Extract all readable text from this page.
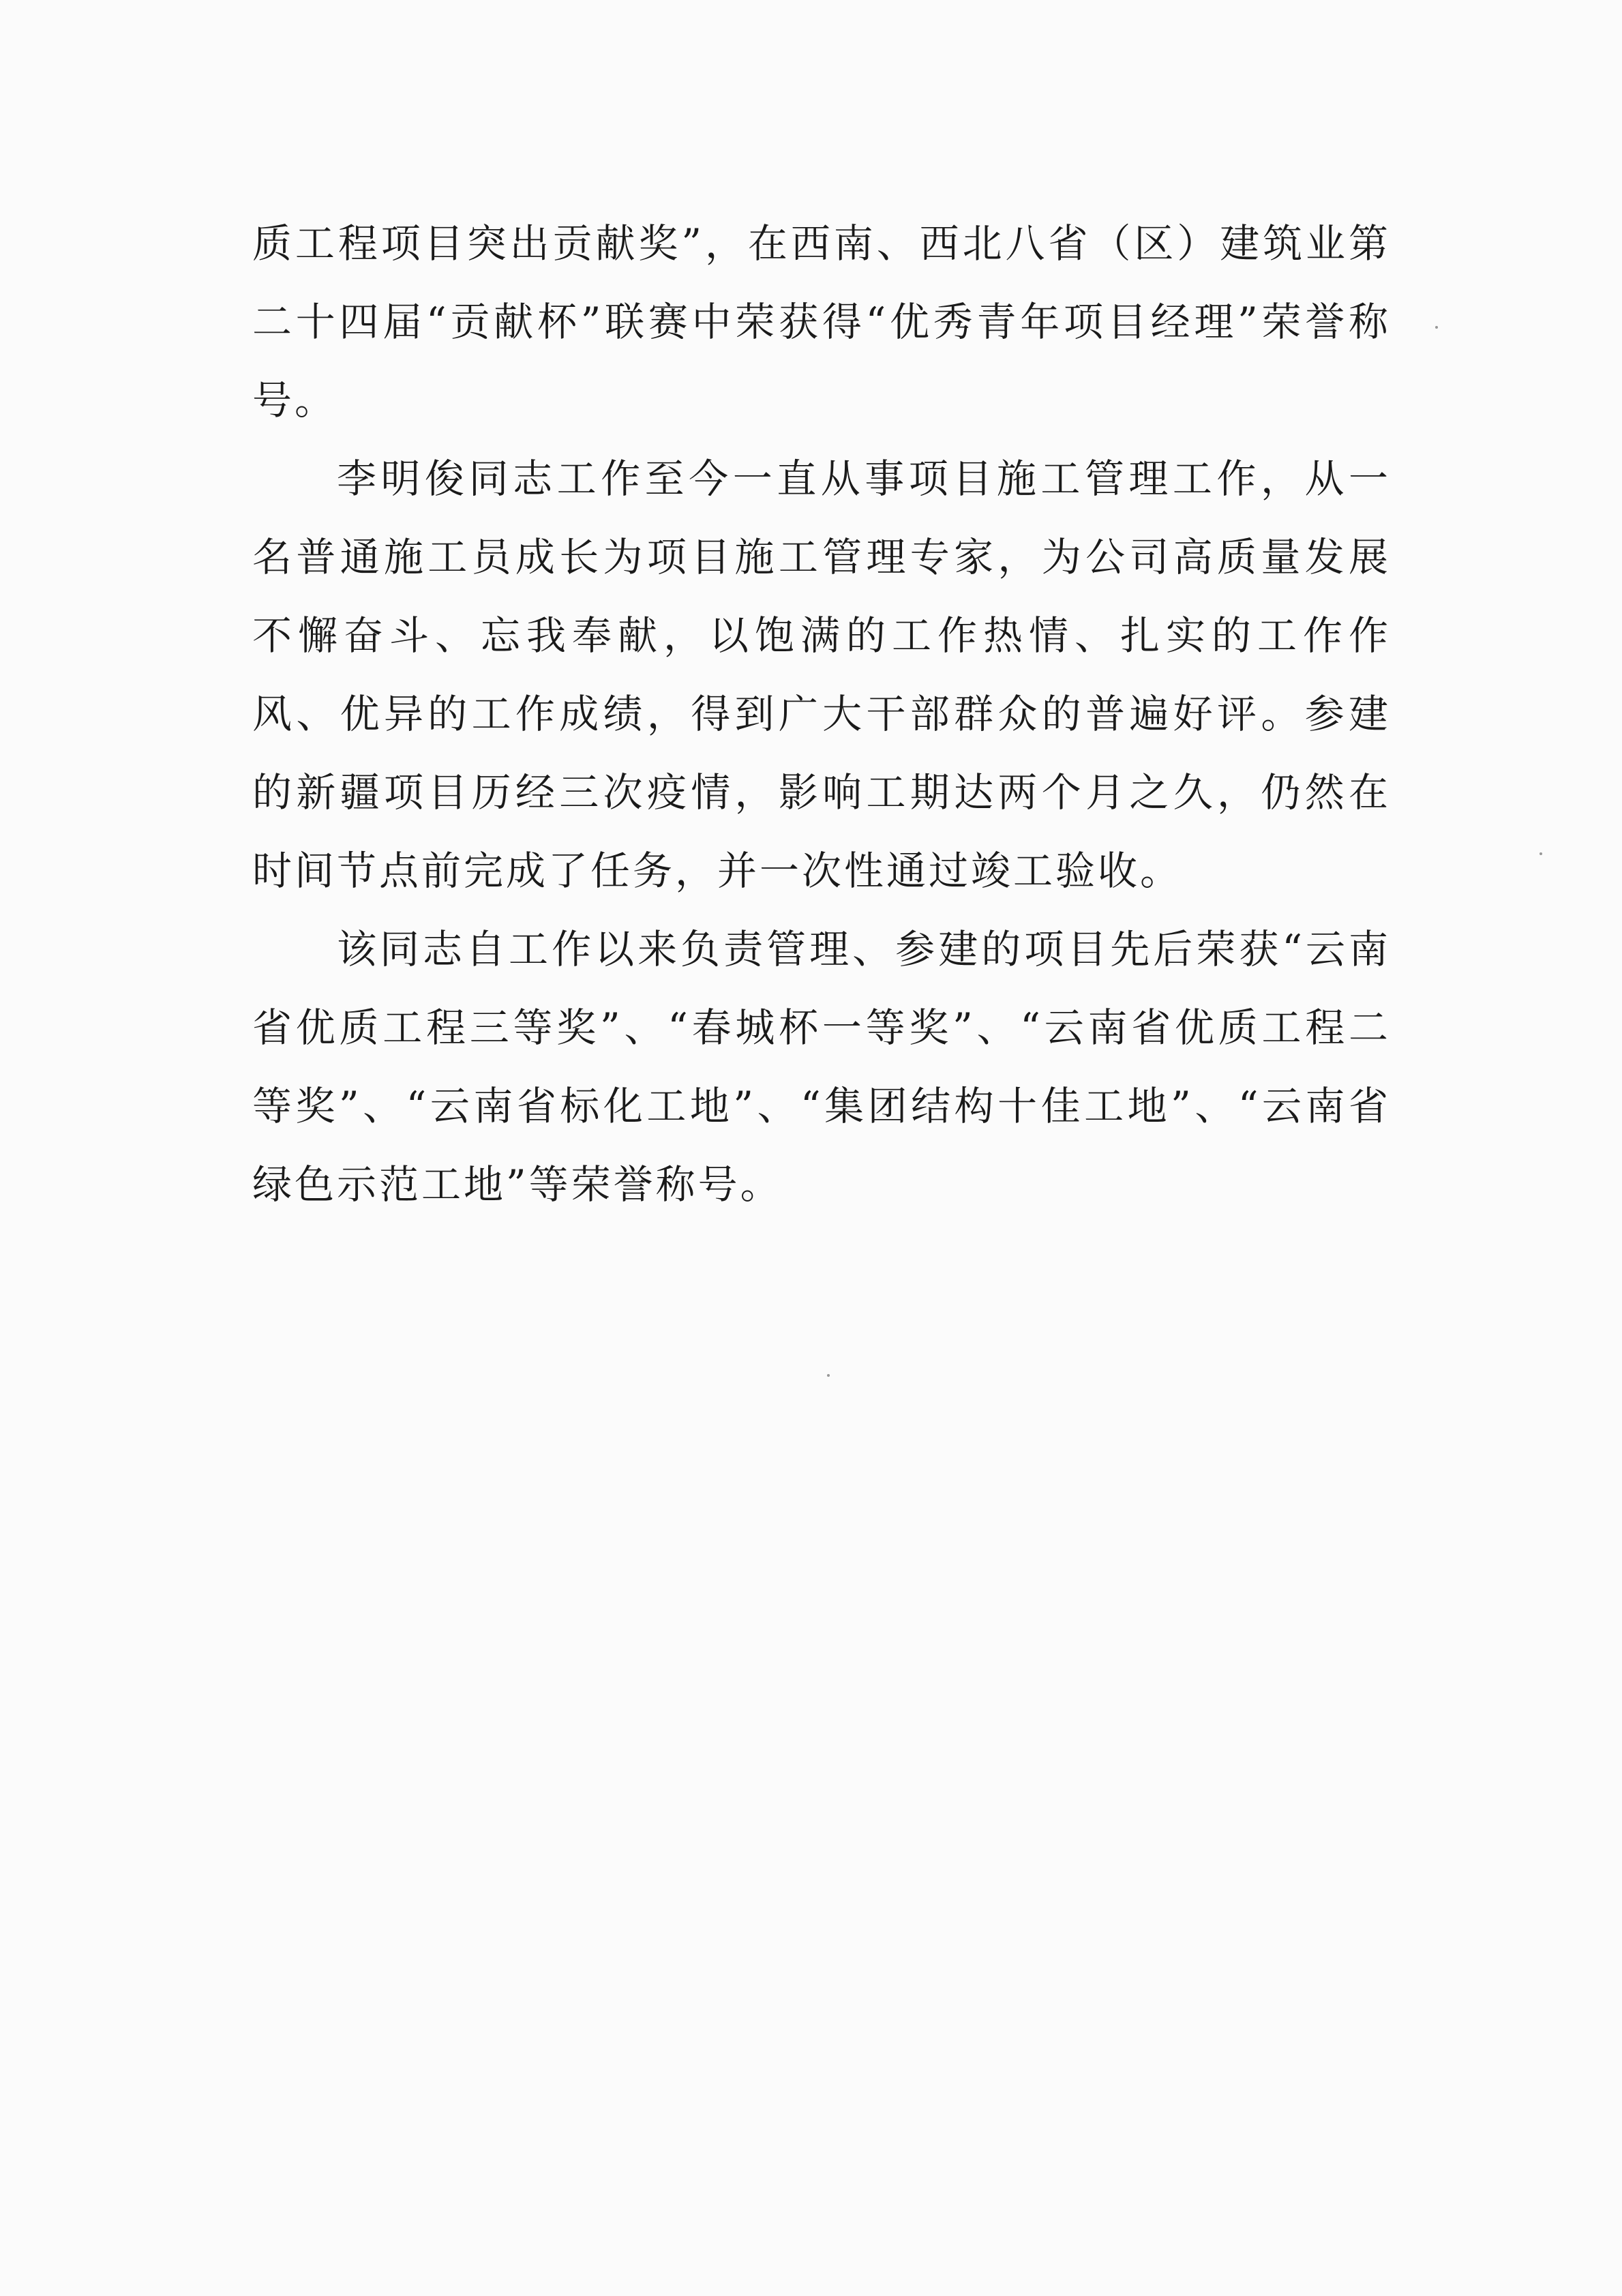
质工程项目突出贡献奖”，在西南、西北八省（区）建筑业第二十四届“贡献杯”联赛中荣获得“优秀青年项目经理”荣誉称号。

李明俊同志工作至今一直从事项目施工管理工作，从一名普通施工员成长为项目施工管理专家，为公司高质量发展不懈奋斗、忘我奉献，以饱满的工作热情、扎实的工作作风、优异的工作成绩，得到广大干部群众的普遍好评。参建的新疆项目历经三次疫情，影响工期达两个月之久，仍然在时间节点前完成了任务，并一次性通过竣工验收。

该同志自工作以来负责管理、参建的项目先后荣获“云南省优质工程三等奖”、“春城杯一等奖”、“云南省优质工程二等奖”、“云南省标化工地”、“集团结构十佳工地”、“云南省绿色示范工地”等荣誉称号。
